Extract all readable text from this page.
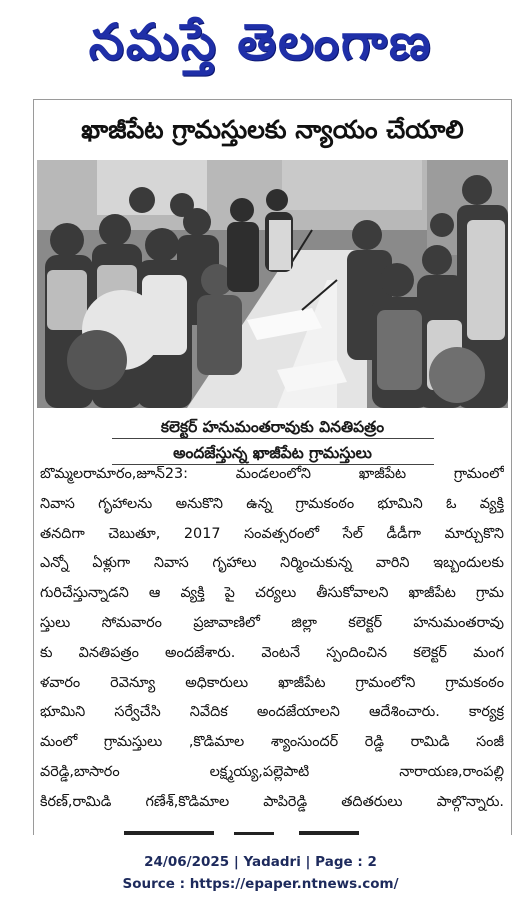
నమస్తే తెలంగాణ
ఖాజీపేట గ్రామస్తులకు న్యాయం చేయాలి
కలెక్టర్ హనుమంతరావుకు వినతిపత్రం
అందజేస్తున్న ఖాజీపేట గ్రామస్తులు
బొమ్మలరామారం,జూన్23: మండలంలోని ఖాజీపేట గ్రామంలో
నివాస గృహాలను అనుకొని ఉన్న గ్రామకంఠం భూమిని ఓ వ్యక్తి
తనదిగా చెబుతూ, 2017 సంవత్సరంలో సేల్ డీడీగా మార్చుకొని
ఎన్నో ఏళ్లుగా నివాస గృహాలు నిర్మించుకున్న వారిని ఇబ్బందులకు
గురిచేస్తున్నాడని ఆ వ్యక్తి పై చర్యలు తీసుకోవాలని ఖాజీపేట గ్రామ
స్తులు సోమవారం ప్రజావాణిలో జిల్లా కలెక్టర్ హనుమంతరావు
కు వినతిపత్రం అందజేశారు. వెంటనే స్పందించిన కలెక్టర్ మంగ
ళవారం రెవెన్యూ అధికారులు ఖాజీపేట గ్రామంలోని గ్రామకంఠం
భూమిని సర్వేచేసి నివేదిక అందజేయాలని ఆదేశించారు. కార్యక్ర
మంలో గ్రామస్తులు ,కొడిమాల శ్యాంసుందర్ రెడ్డి రామిడి సంజీ
వరెడ్డి,బాసారం లక్ష్మయ్య,పల్లెపాటి నారాయణ,రాంపల్లి
కిరణ్,రామిడి గణేశ్,కొడిమాల పాపిరెడ్డి తదితరులు పాల్గొన్నారు.
24/06/2025 | Yadadri | Page : 2
Source : https://epaper.ntnews.com/
